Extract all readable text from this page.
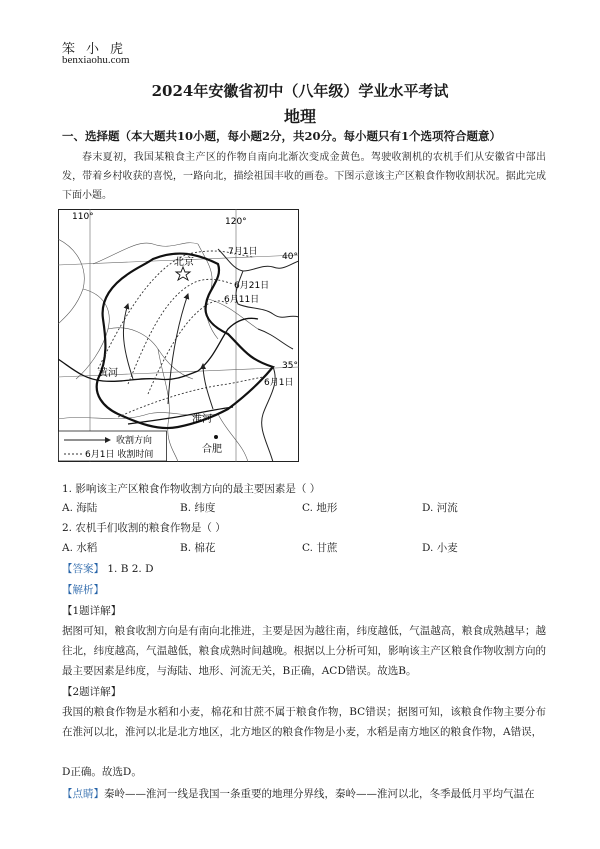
笨小虎
benxiaohu.com
2024年安徽省初中（八年级）学业水平考试
地理
一、选择题（本大题共10小题，每小题2分，共20分。每小题只有1个选项符合题意）
春末夏初，我国某粮食主产区的作物自南向北渐次变成金黄色。驾驶收割机的农机手们从安徽省中部出发，带着乡村收获的喜悦，一路向北，描绘祖国丰收的画卷。下图示意该主产区粮食作物收割状况。据此完成下面小题。
110°	120°
40°
35°
北京
7月1日
6月21日
6月11日
6月1日
黄河
淮河
合肥
收割方向
6月1日 收割时间
1. 影响该主产区粮食作物收割方向的最主要因素是（ ）
A. 海陆	B. 纬度	C. 地形	D. 河流
2. 农机手们收割的粮食作物是（ ）
A. 水稻	B. 棉花	C. 甘蔗	D. 小麦
【答案】 1. B 2. D
【解析】
【1题详解】
据图可知，粮食收割方向是有南向北推进，主要是因为越往南，纬度越低，气温越高，粮食成熟越早；越往北，纬度越高，气温越低，粮食成熟时间越晚。根据以上分析可知，影响该主产区粮食作物收割方向的最主要因素是纬度，与海陆、地形、河流无关，B正确，ACD错误。故选B。
【2题详解】
我国的粮食作物是水稻和小麦，棉花和甘蔗不属于粮食作物，BC错误；据图可知，该粮食作物主要分布在淮河以北，淮河以北是北方地区，北方地区的粮食作物是小麦，水稻是南方地区的粮食作物，A错误，
D正确。故选D。
【点睛】秦岭——淮河一线是我国一条重要的地理分界线，秦岭——淮河以北，冬季最低月平均气温在
